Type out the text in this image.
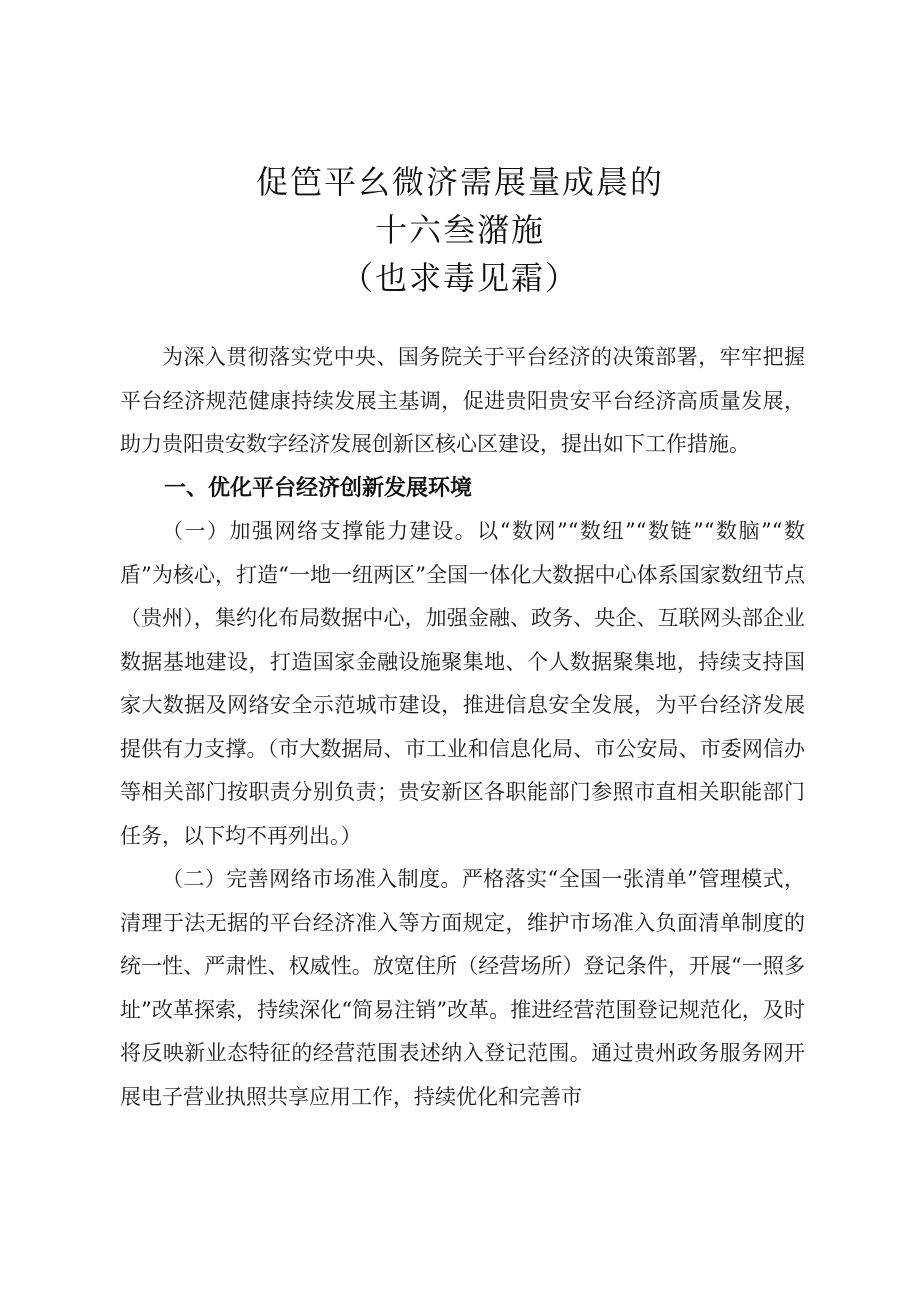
促笆平幺微济需展量成晨的
十六叁潴施
（也求毒见霜）

为深入贯彻落实党中央、国务院关于平台经济的决策部署，牢牢把握平台经济规范健康持续发展主基调，促进贵阳贵安平台经济高质量发展，助力贵阳贵安数字经济发展创新区核心区建设，提出如下工作措施。

一、优化平台经济创新发展环境

（一）加强网络支撑能力建设。以“数网”“数纽”“数链”“数脑”“数盾”为核心，打造“一地一纽两区”全国一体化大数据中心体系国家数纽节点（贵州），集约化布局数据中心，加强金融、政务、央企、互联网头部企业数据基地建设，打造国家金融设施聚集地、个人数据聚集地，持续支持国家大数据及网络安全示范城市建设，推进信息安全发展，为平台经济发展提供有力支撑。（市大数据局、市工业和信息化局、市公安局、市委网信办等相关部门按职责分别负责；贵安新区各职能部门参照市直相关职能部门任务，以下均不再列出。）

（二）完善网络市场准入制度。严格落实“全国一张清单”管理模式，清理于法无据的平台经济准入等方面规定，维护市场准入负面清单制度的统一性、严肃性、权威性。放宽住所（经营场所）登记条件，开展“一照多址”改革探索，持续深化“简易注销”改革。推进经营范围登记规范化，及时将反映新业态特征的经营范围表述纳入登记范围。通过贵州政务服务网开展电子营业执照共享应用工作，持续优化和完善市
